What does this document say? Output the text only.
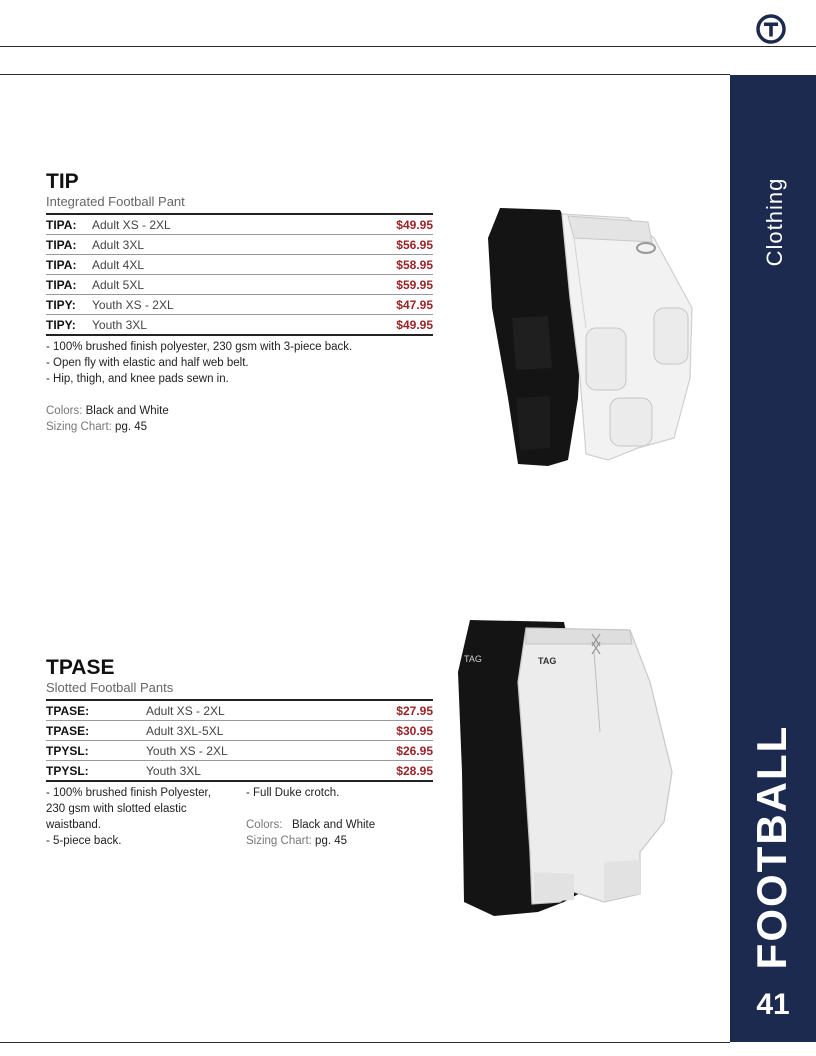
Clothing
FOOTBALL
41
TIP
Integrated Football Pant
TIPA:	Adult XS - 2XL	$49.95
TIPA:	Adult 3XL	$56.95
TIPA:	Adult 4XL	$58.95
TIPA:	Adult 5XL	$59.95
TIPY:	Youth XS - 2XL	$47.95
TIPY:	Youth 3XL	$49.95
- 100% brushed finish polyester, 230 gsm with 3-piece back.
- Open fly with elastic and half web belt.
- Hip, thigh, and knee pads sewn in.
Colors: Black and White
Sizing Chart: pg. 45
TPASE
Slotted Football Pants
TPASE:	Adult XS - 2XL	$27.95
TPASE:	Adult 3XL-5XL	$30.95
TPYSL:	Youth XS - 2XL	$26.95
TPYSL:	Youth 3XL	$28.95
- 100% brushed finish Polyester,
230 gsm with slotted elastic
waistband.
- 5-piece back.
- Full Duke crotch.
Colors: Black and White
Sizing Chart: pg. 45
TAG	TAG
